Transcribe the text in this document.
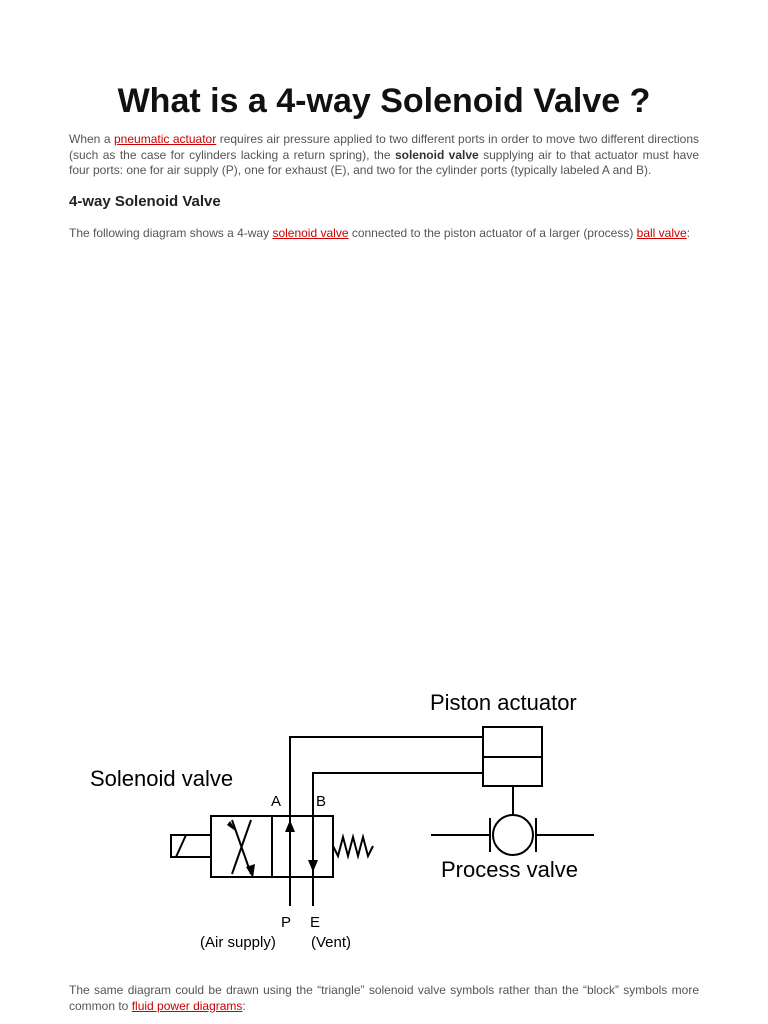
What is a 4-way Solenoid Valve ?

When a pneumatic actuator requires air pressure applied to two different ports in order to move two different directions (such as the case for cylinders lacking a return spring), the solenoid valve supplying air to that actuator must have four ports: one for air supply (P), one for exhaust (E), and two for the cylinder ports (typically labeled A and B).

4-way Solenoid Valve

The following diagram shows a 4-way solenoid valve connected to the piston actuator of a larger (process) ball valve:

Piston actuator
Solenoid valve
A B
Process valve
P E
(Air supply) (Vent)

The same diagram could be drawn using the “triangle” solenoid valve symbols rather than the “block” symbols more common to fluid power diagrams:
